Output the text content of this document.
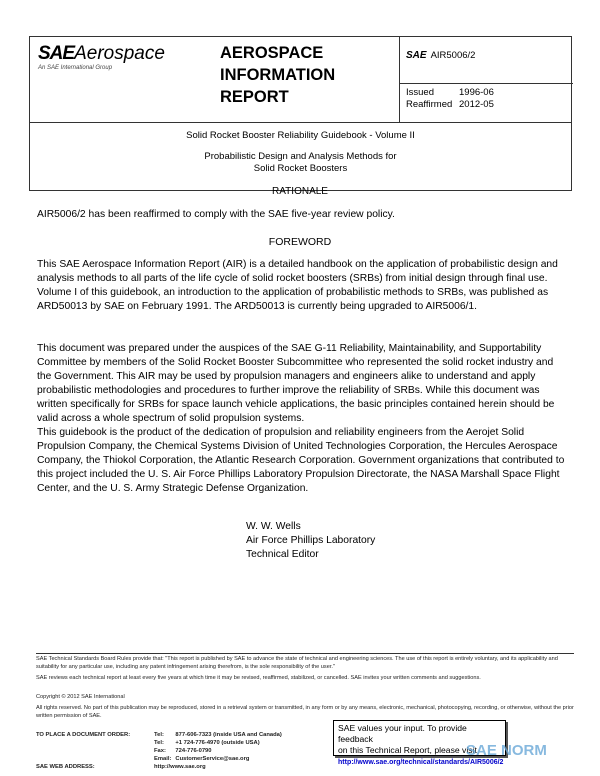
SAEAerospace
An SAE International Group
AEROSPACE
INFORMATION
REPORT
SAE AIR5006/2
Issued	1996-06
Reaffirmed 2012-05
Solid Rocket Booster Reliability Guidebook - Volume II
Probabilistic Design and Analysis Methods for
Solid Rocket Boosters
RATIONALE

AIR5006/2 has been reaffirmed to comply with the SAE five-year review policy.

FOREWORD

This SAE Aerospace Information Report (AIR) is a detailed handbook on the application of probabilistic design and analysis methods to all parts of the life cycle of solid rocket boosters (SRBs) from initial design through final use. Volume I of this guidebook, an introduction to the application of probabilistic methods to SRBs, was published as ARD50013 by SAE on February 1991. The ARD50013 is currently being upgraded to AIR5006/1.

This document was prepared under the auspices of the SAE G-11 Reliability, Maintainability, and Supportability Committee by members of the Solid Rocket Booster Subcommittee who represented the solid rocket industry and the Government. This AIR may be used by propulsion managers and engineers alike to understand and apply probabilistic methodologies and procedures to further improve the reliability of SRBs. While this document was written specifically for SRBs for space launch vehicle applications, the basic principles contained herein should be valid across a whole spectrum of solid propulsion systems.

This guidebook is the product of the dedication of propulsion and reliability engineers from the Aerojet Solid Propulsion Company, the Chemical Systems Division of United Technologies Corporation, the Hercules Aerospace Company, the Thiokol Corporation, the Atlantic Research Corporation. Government organizations that contributed to this project included the U. S. Air Force Phillips Laboratory Propulsion Directorate, the NASA Marshall Space Flight Center, and the U. S. Army Strategic Defense Organization.

W. W. Wells
Air Force Phillips Laboratory
Technical Editor

SAE Technical Standards Board Rules provide that: "This report is published by SAE to advance the state of technical and engineering sciences. The use of this report is entirely voluntary, and its applicability and suitability for any particular use, including any patent infringement arising therefrom, is the sole responsibility of the user."

SAE reviews each technical report at least every five years at which time it may be revised, reaffirmed, stabilized, or cancelled. SAE invites your written comments and suggestions.

Copyright © 2012 SAE International

All rights reserved. No part of this publication may be reproduced, stored in a retrieval system or transmitted, in any form or by any means, electronic, mechanical, photocopying, recording, or otherwise, without the prior written permission of SAE.

TO PLACE A DOCUMENT ORDER:	Tel:	877-606-7323 (inside USA and Canada)
	Tel:	+1 724-776-4970 (outside USA)
	Fax:	724-776-0790
	Email:	CustomerService@sae.org
SAE WEB ADDRESS:	http://www.sae.org	
SAE values your input. To provide feedback
on this Technical Report, please visit
http://www.sae.org/technical/standards/AIR5006/2
SAE NORM
